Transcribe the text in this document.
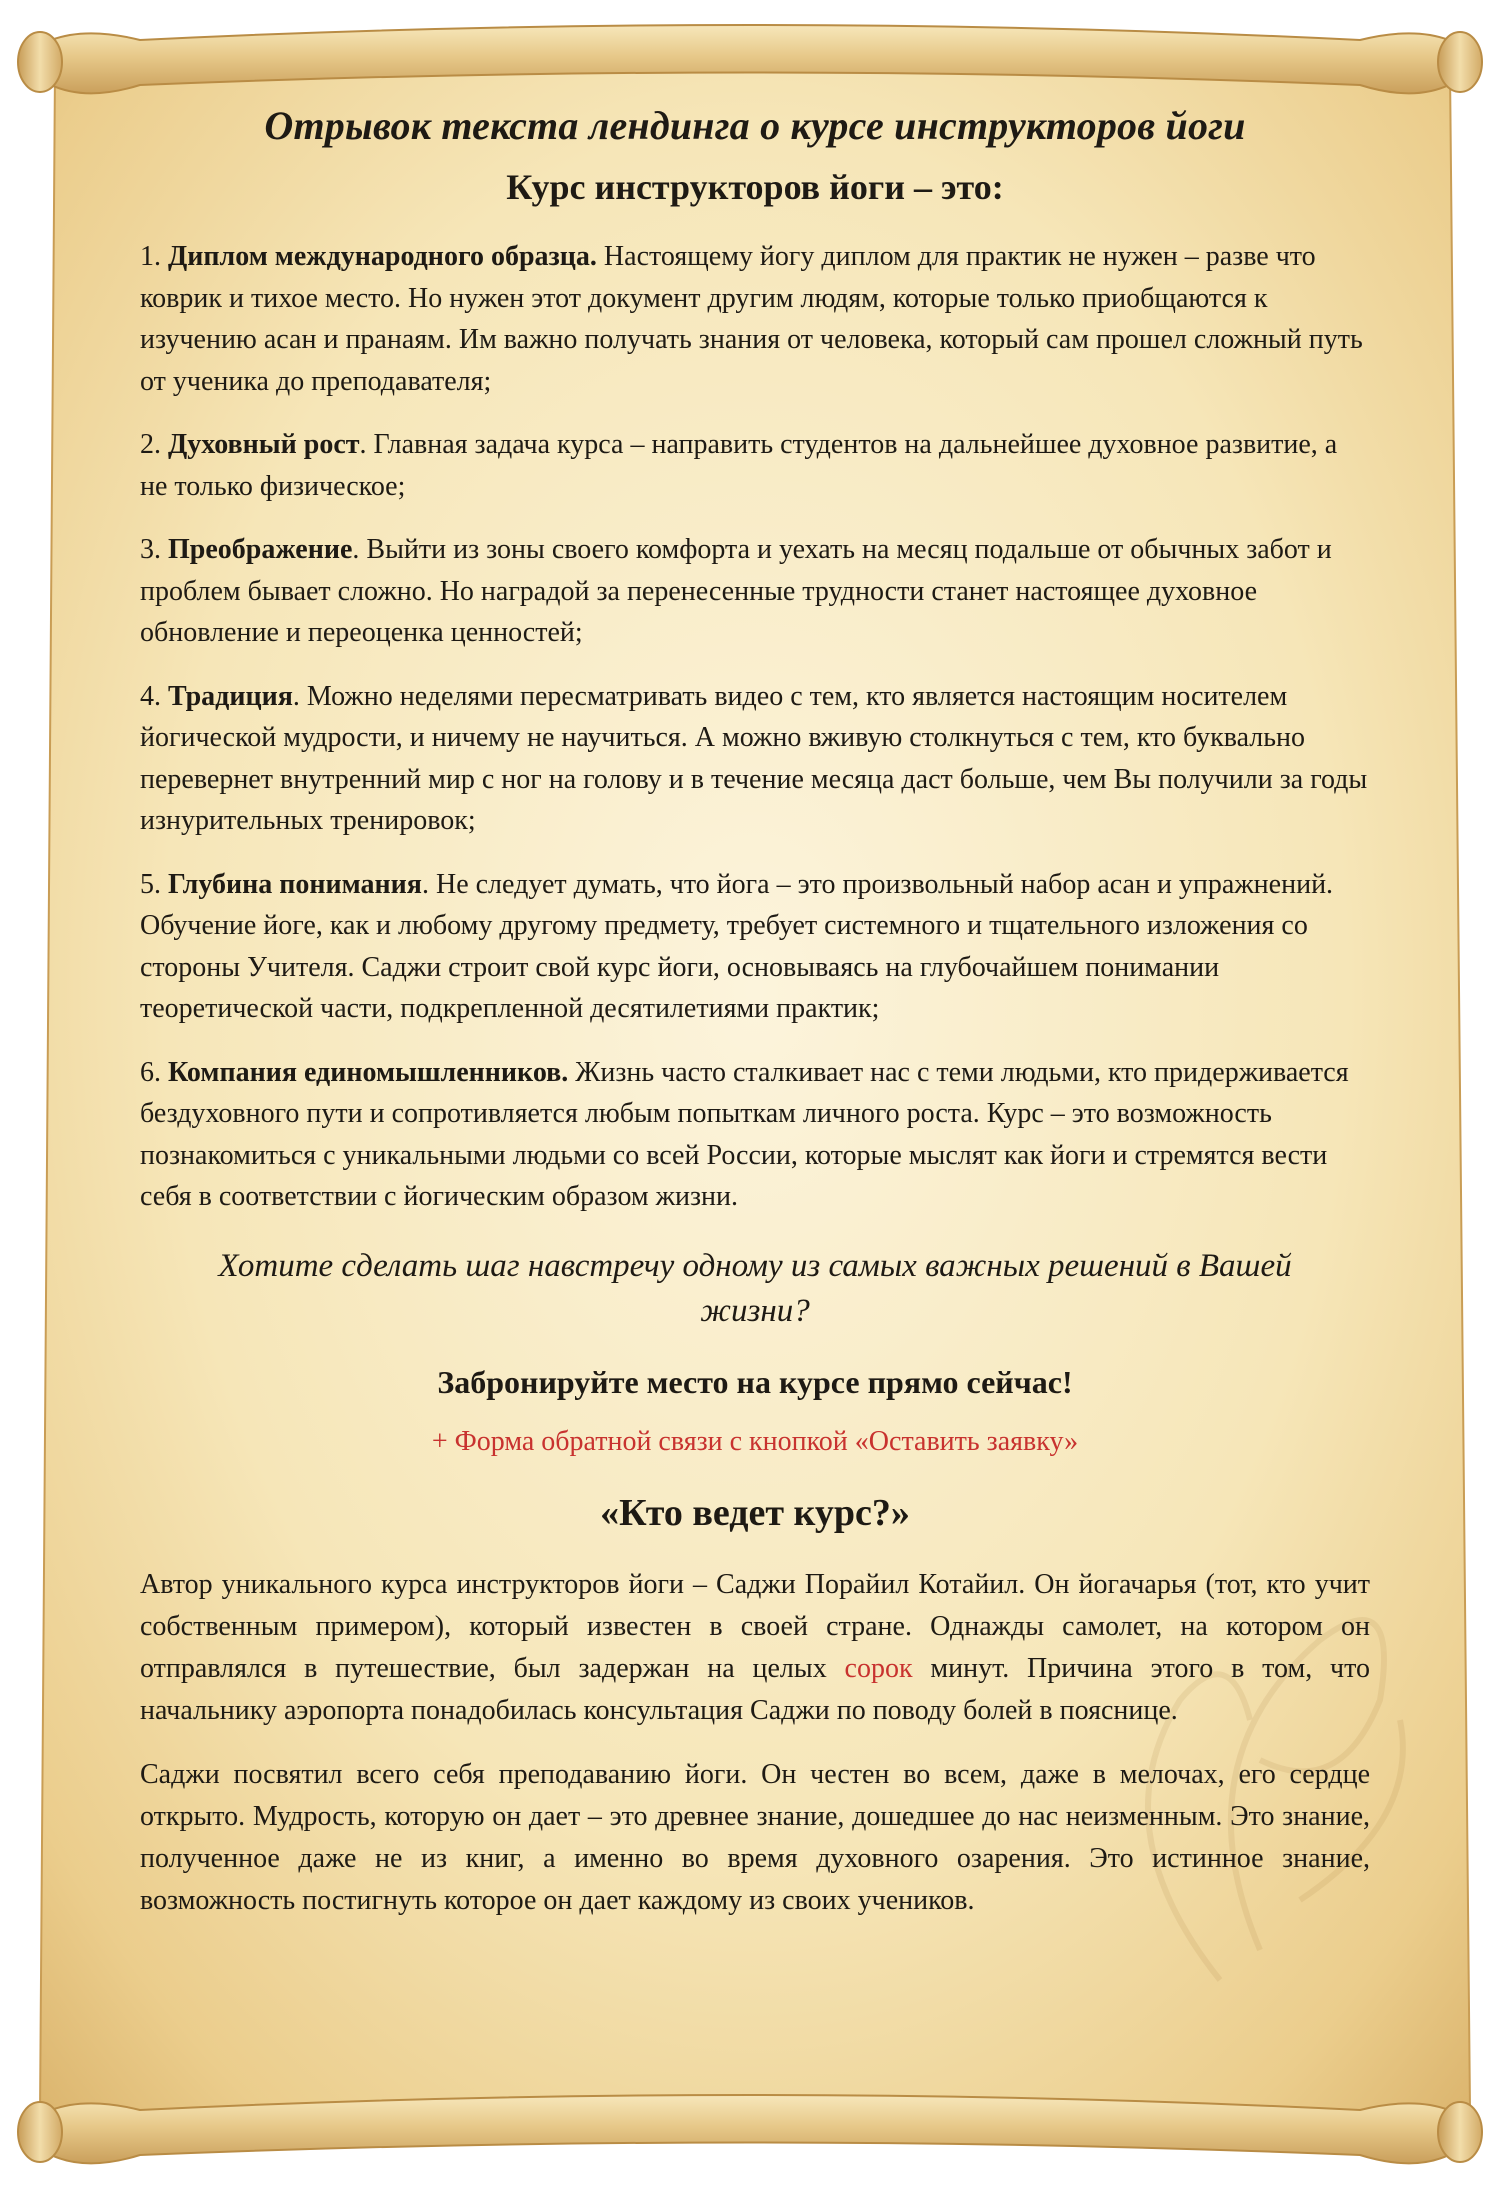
Отрывок текста лендинга о курсе инструкторов йоги
Курс инструкторов йоги – это:

1. Диплом международного образца. Настоящему йогу диплом для практик не нужен – разве что коврик и тихое место. Но нужен этот документ другим людям, которые только приобщаются к изучению асан и пранаям. Им важно получать знания от человека, который сам прошел сложный путь от ученика до преподавателя;

2. Духовный рост. Главная задача курса – направить студентов на дальнейшее духовное развитие, а не только физическое;

3. Преображение. Выйти из зоны своего комфорта и уехать на месяц подальше от обычных забот и проблем бывает сложно. Но наградой за перенесенные трудности станет настоящее духовное обновление и переоценка ценностей;

4. Традиция. Можно неделями пересматривать видео с тем, кто является настоящим носителем йогической мудрости, и ничему не научиться. А можно вживую столкнуться с тем, кто буквально перевернет внутренний мир с ног на голову и в течение месяца даст больше, чем Вы получили за годы изнурительных тренировок;

5. Глубина понимания. Не следует думать, что йога – это произвольный набор асан и упражнений. Обучение йоге, как и любому другому предмету, требует системного и тщательного изложения со стороны Учителя. Саджи строит свой курс йоги, основываясь на глубочайшем понимании теоретической части, подкрепленной десятилетиями практик;

6. Компания единомышленников. Жизнь часто сталкивает нас с теми людьми, кто придерживается бездуховного пути и сопротивляется любым попыткам личного роста. Курс – это возможность познакомиться с уникальными людьми со всей России, которые мыслят как йоги и стремятся вести себя в соответствии с йогическим образом жизни.

Хотите сделать шаг навстречу одному из самых важных решений в Вашей жизни?

Забронируйте место на курсе прямо сейчас!

+ Форма обратной связи с кнопкой «Оставить заявку»

«Кто ведет курс?»

Автор уникального курса инструкторов йоги – Саджи Порайил Котайил. Он йогачарья (тот, кто учит собственным примером), который известен в своей стране. Однажды самолет, на котором он отправлялся в путешествие, был задержан на целых сорок минут. Причина этого в том, что начальнику аэропорта понадобилась консультация Саджи по поводу болей в пояснице.

Саджи посвятил всего себя преподаванию йоги. Он честен во всем, даже в мелочах, его сердце открыто. Мудрость, которую он дает – это древнее знание, дошедшее до нас неизменным. Это знание, полученное даже не из книг, а именно во время духовного озарения. Это истинное знание, возможность постигнуть которое он дает каждому из своих учеников.
